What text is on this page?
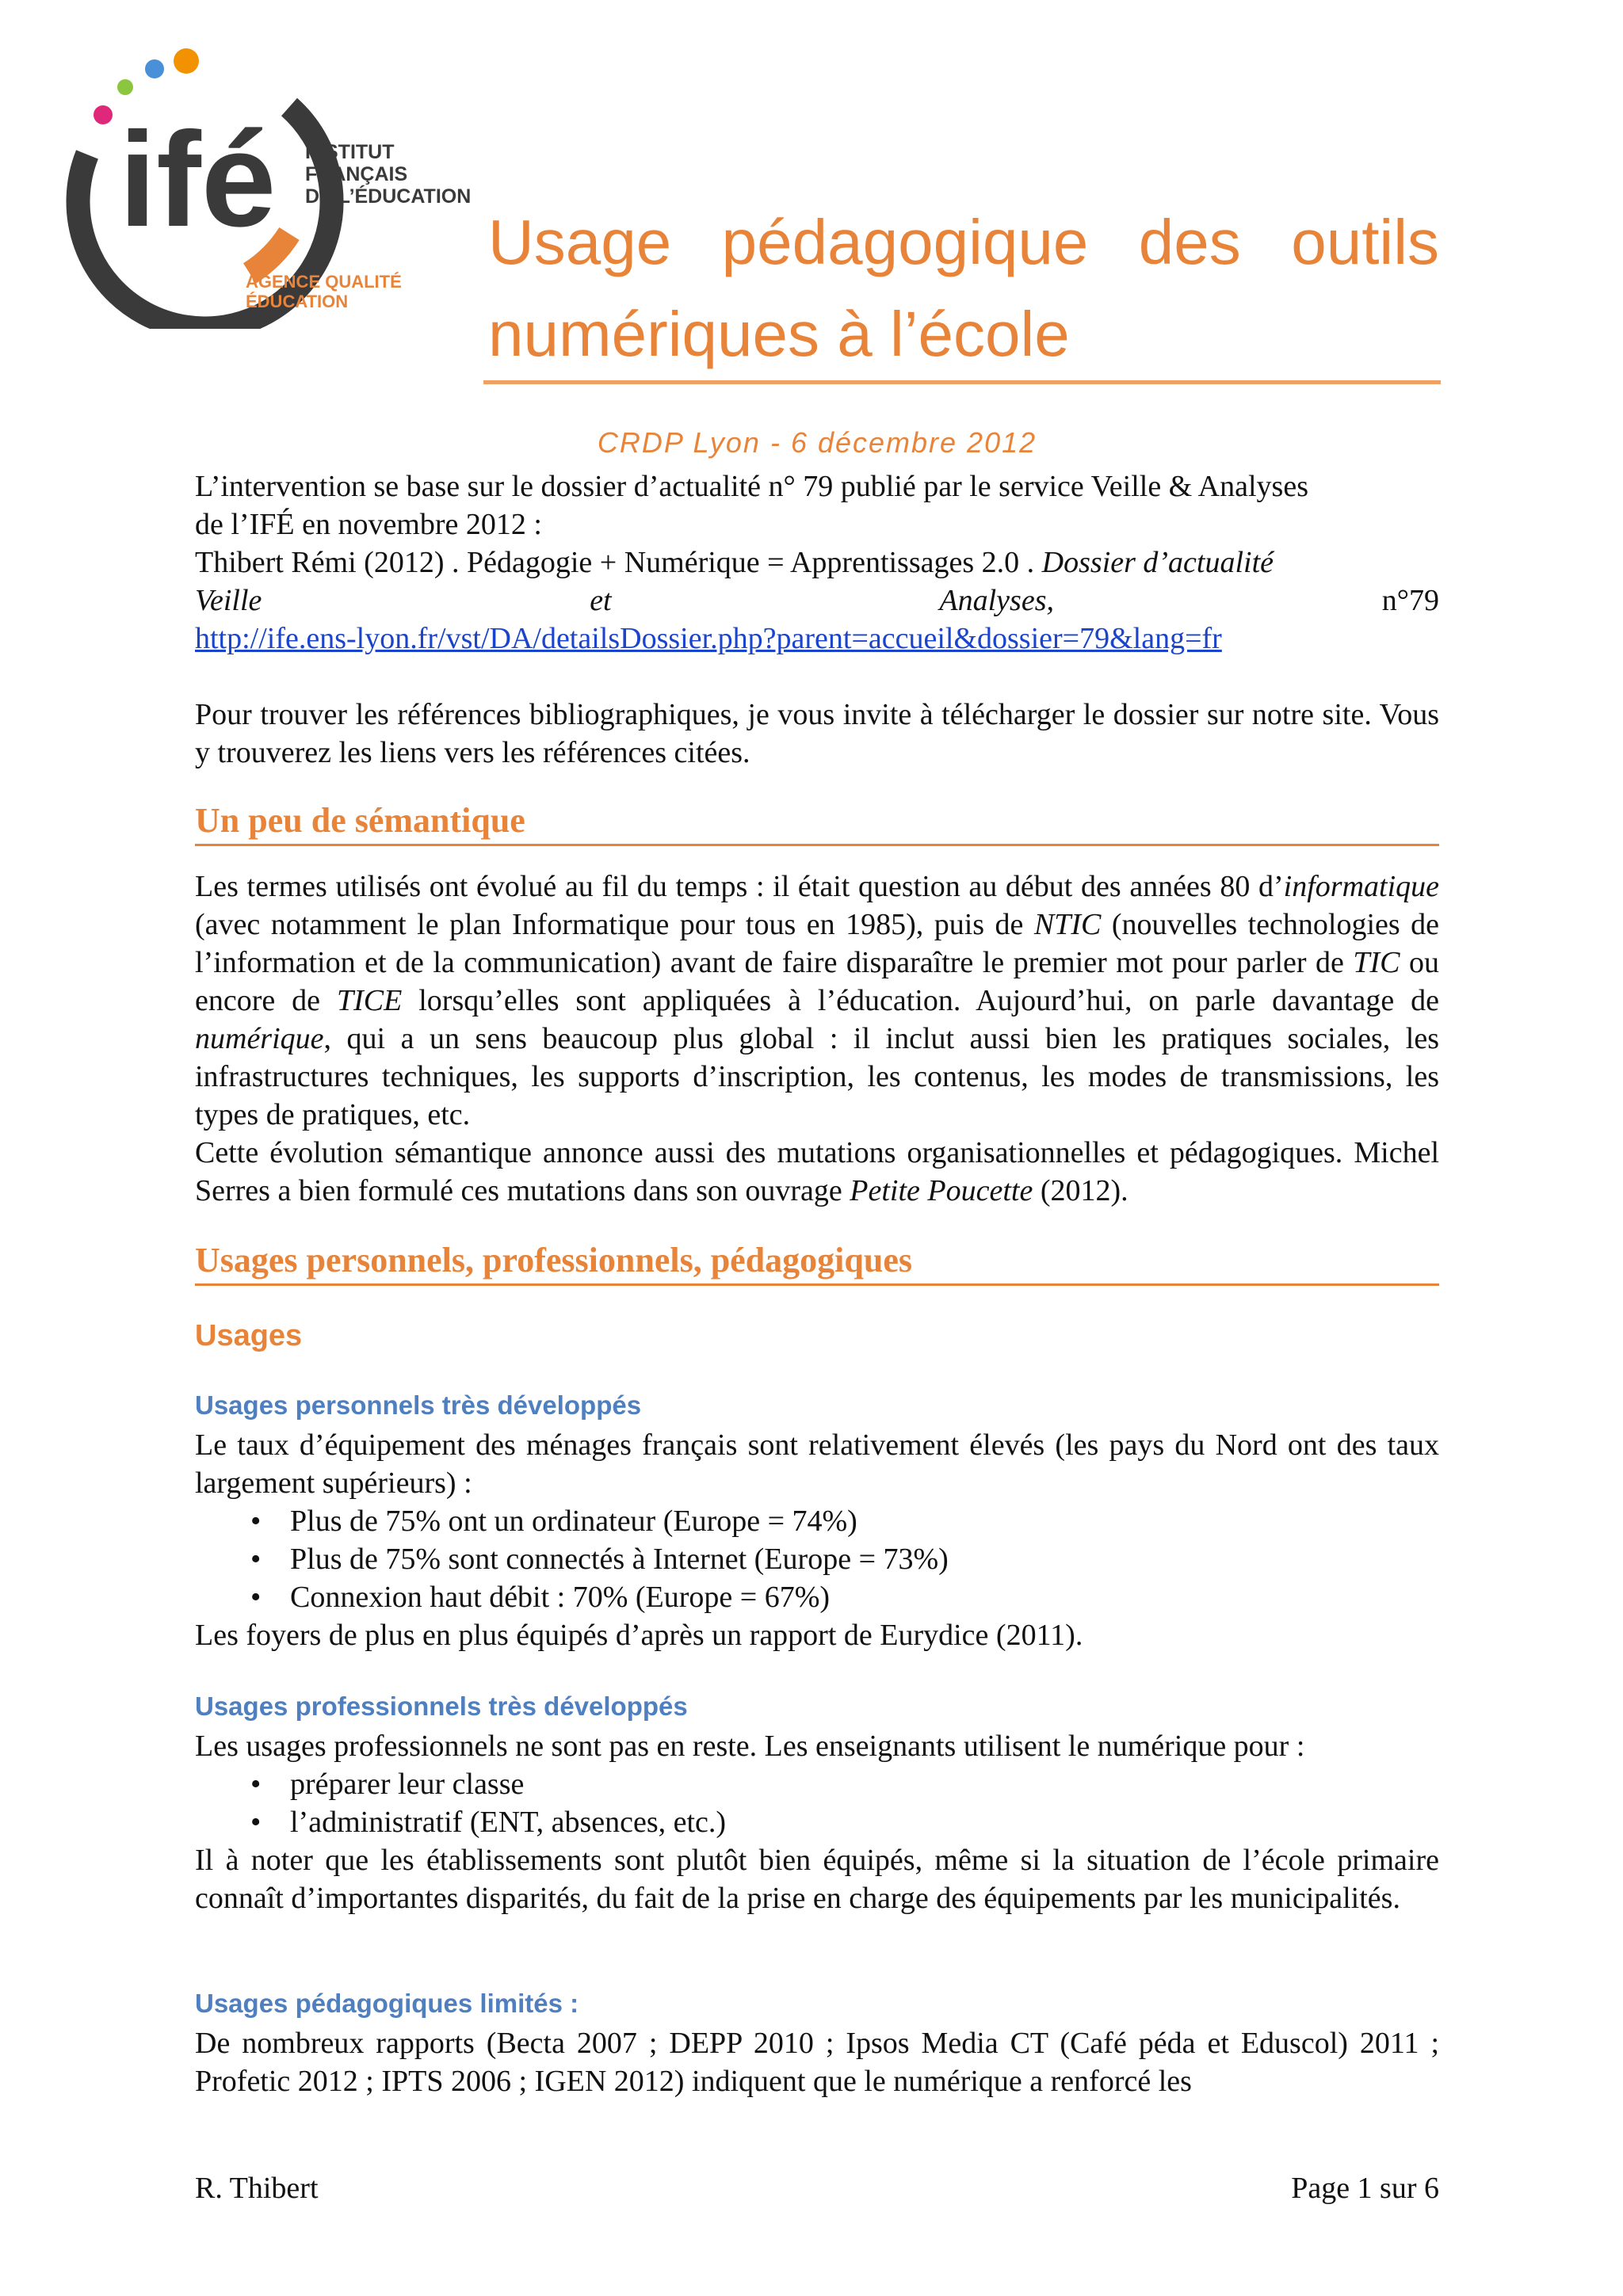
ifé INSTITUT
FRANÇAIS
DE L’ÉDUCATION
AGENCE QUALITÉ
ÉDUCATION
Usage pédagogique des outils
numériques à l’école
CRDP Lyon - 6 décembre 2012

L’intervention se base sur le dossier d’actualité n° 79 publié par le service Veille & Analyses

de l’IFÉ en novembre 2012 :

Thibert Rémi (2012) . Pédagogie + Numérique = Apprentissages 2.0 . Dossier d’actualité

Veille	et	Analyses,	n°79

http://ife.ens-lyon.fr/vst/DA/detailsDossier.php?parent=accueil&dossier=79&lang=fr

Pour trouver les références bibliographiques, je vous invite à télécharger le dossier sur notre site. Vous y trouverez les liens vers les références citées.

Un peu de sémantique

Les termes utilisés ont évolué au fil du temps : il était question au début des années 80 d’informatique (avec notamment le plan Informatique pour tous en 1985), puis de NTIC (nouvelles technologies de l’information et de la communication) avant de faire disparaître le premier mot pour parler de TIC ou encore de TICE lorsqu’elles sont appliquées à l’éducation. Aujourd’hui, on parle davantage de numérique, qui a un sens beaucoup plus global : il inclut aussi bien les pratiques sociales, les infrastructures techniques, les supports d’inscription, les contenus, les modes de transmissions, les types de pratiques, etc.

Cette évolution sémantique annonce aussi des mutations organisationnelles et pédagogiques. Michel Serres a bien formulé ces mutations dans son ouvrage Petite Poucette (2012).

Usages personnels, professionnels, pédagogiques
Usages
Usages personnels très développés

Le taux d’équipement des ménages français sont relativement élevés (les pays du Nord ont des taux largement supérieurs) :

• Plus de 75% ont un ordinateur (Europe = 74%)
• Plus de 75% sont connectés à Internet (Europe = 73%)
• Connexion haut débit : 70% (Europe = 67%)

Les foyers de plus en plus équipés d’après un rapport de Eurydice (2011).

Usages professionnels très développés

Les usages professionnels ne sont pas en reste. Les enseignants utilisent le numérique pour :

• préparer leur classe
• l’administratif (ENT, absences, etc.)

Il à noter que les établissements sont plutôt bien équipés, même si la situation de l’école primaire connaît d’importantes disparités, du fait de la prise en charge des équipements par les municipalités.

Usages pédagogiques limités :

De nombreux rapports (Becta 2007 ; DEPP 2010 ; Ipsos Media CT (Café péda et Eduscol) 2011 ; Profetic 2012 ; IPTS 2006 ; IGEN 2012) indiquent que le numérique a renforcé les

R. Thibert	Page 1 sur 6
